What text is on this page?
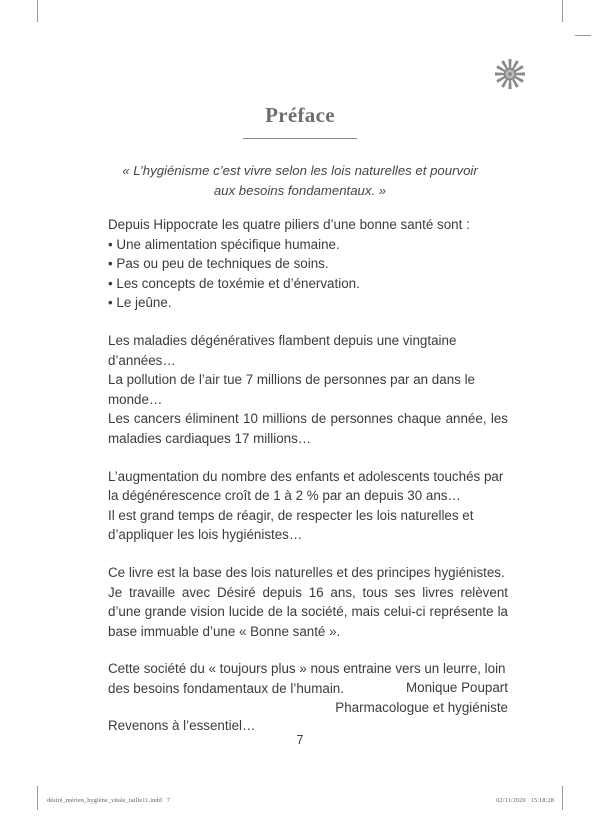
Préface
« L’hygiénisme c’est vivre selon les lois naturelles et pourvoir aux besoins fondamentaux. »

Depuis Hippocrate les quatre piliers d’une bonne santé sont :
• Une alimentation spécifique humaine.
• Pas ou peu de techniques de soins.
• Les concepts de toxémie et d’énervation.
• Le jeûne.

Les maladies dégénératives flambent depuis une vingtaine d’années…
La pollution de l’air tue 7 millions de personnes par an dans le monde…
Les cancers éliminent 10 millions de personnes chaque année, les maladies cardiaques 17 millions…

L’augmentation du nombre des enfants et adolescents touchés par la dégénérescence croît de 1 à 2 % par an depuis 30 ans…
Il est grand temps de réagir, de respecter les lois naturelles et d’appliquer les lois hygiénistes…

Ce livre est la base des lois naturelles et des principes hygiénistes.
Je travaille avec Désiré depuis 16 ans, tous ses livres relèvent d’une grande vision lucide de la société, mais celui-ci représente la base immuable d’une « Bonne santé ».

Cette société du « toujours plus » nous entraine vers un leurre, loin des besoins fondamentaux de l’humain.

Revenons à l’essentiel…

Monique Poupart
Pharmacologue et hygiéniste
7
désiré_mérien_hygiène_vitale_taille11.indd   7	02/11/2020   15:18:28
